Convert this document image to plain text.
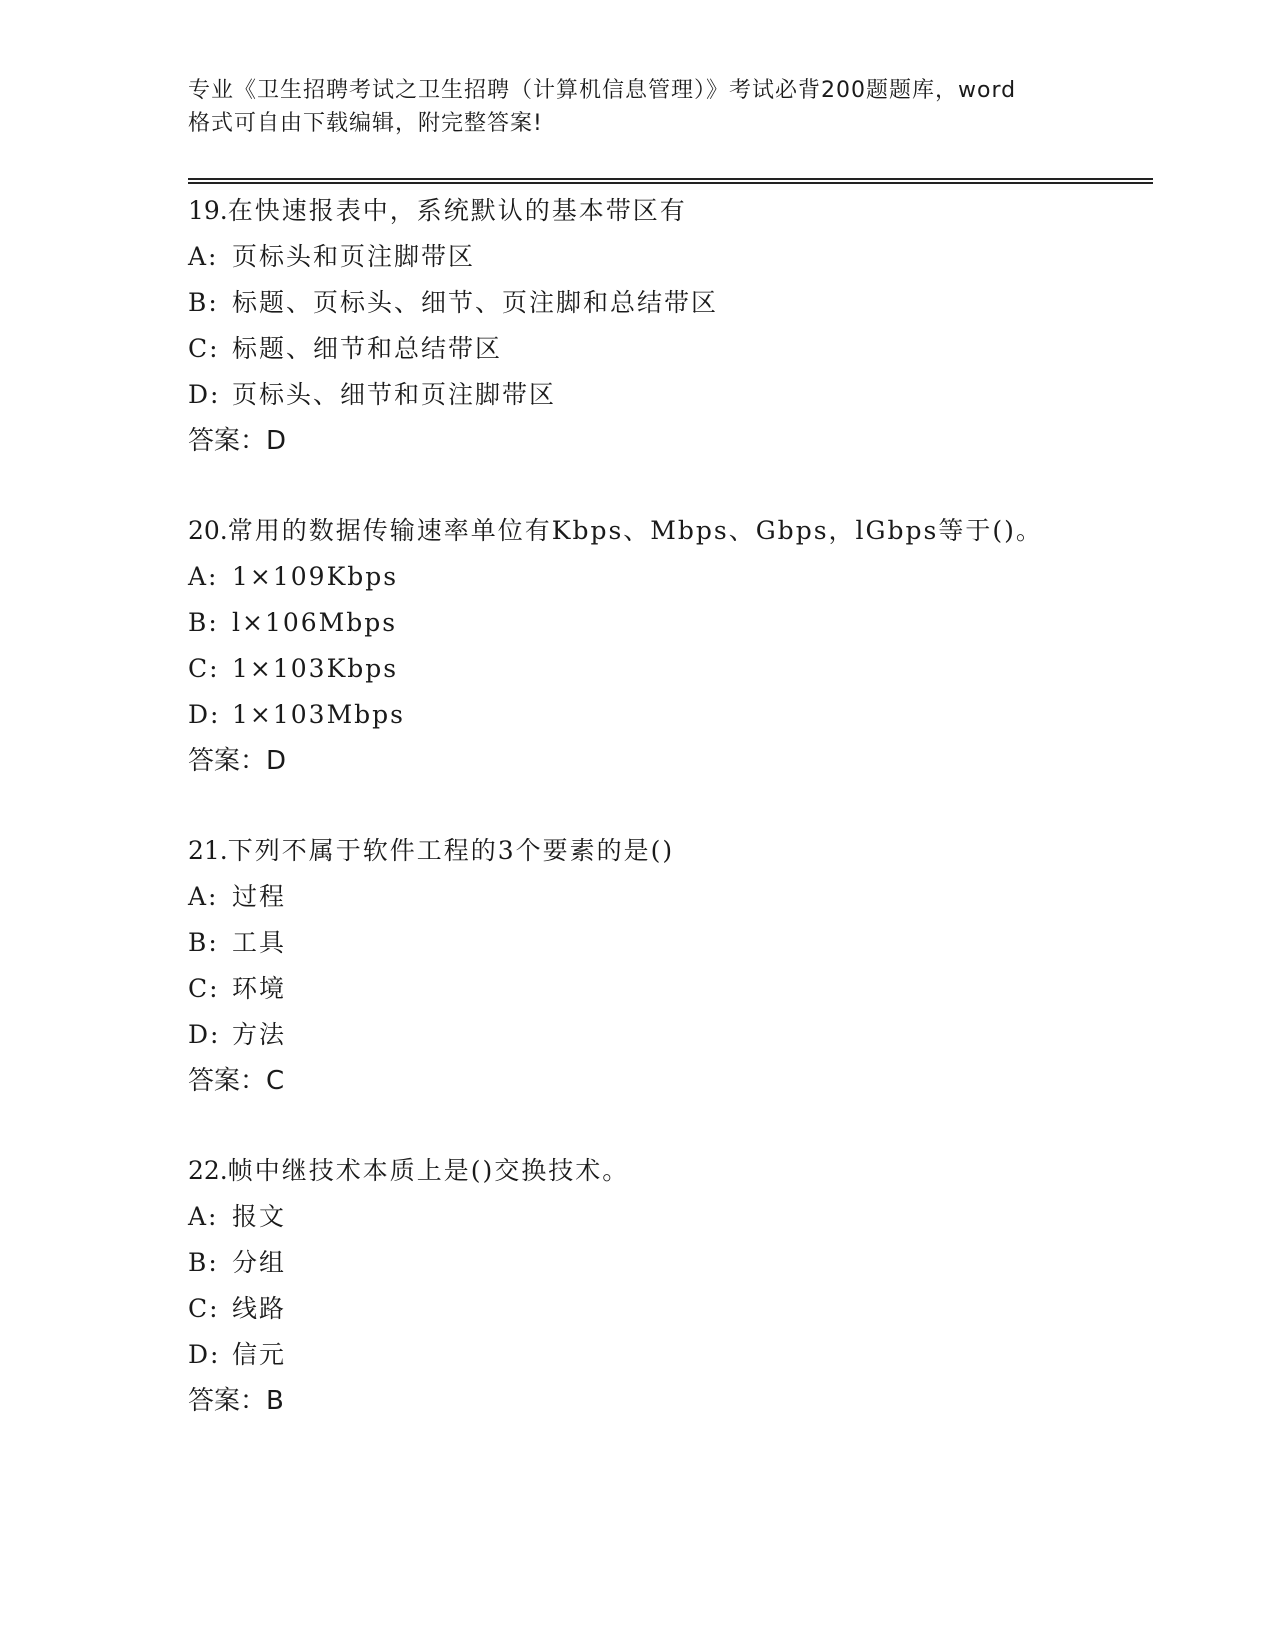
专业《卫生招聘考试之卫生招聘（计算机信息管理）》考试必背200题题库，word
格式可自由下载编辑，附完整答案!
19.在快速报表中，系统默认的基本带区有
A: 页标头和页注脚带区
B: 标题、页标头、细节、页注脚和总结带区
C: 标题、细节和总结带区
D: 页标头、细节和页注脚带区
答案：D
20.常用的数据传输速率单位有Kbps、Mbps、Gbps，lGbps等于()。
A: 1×109Kbps
B: l×106Mbps
C: 1×103Kbps
D: 1×103Mbps
答案：D
21.下列不属于软件工程的3个要素的是()
A: 过程
B: 工具
C: 环境
D: 方法
答案：C
22.帧中继技术本质上是()交换技术。
A: 报文
B: 分组
C: 线路
D: 信元
答案：B
